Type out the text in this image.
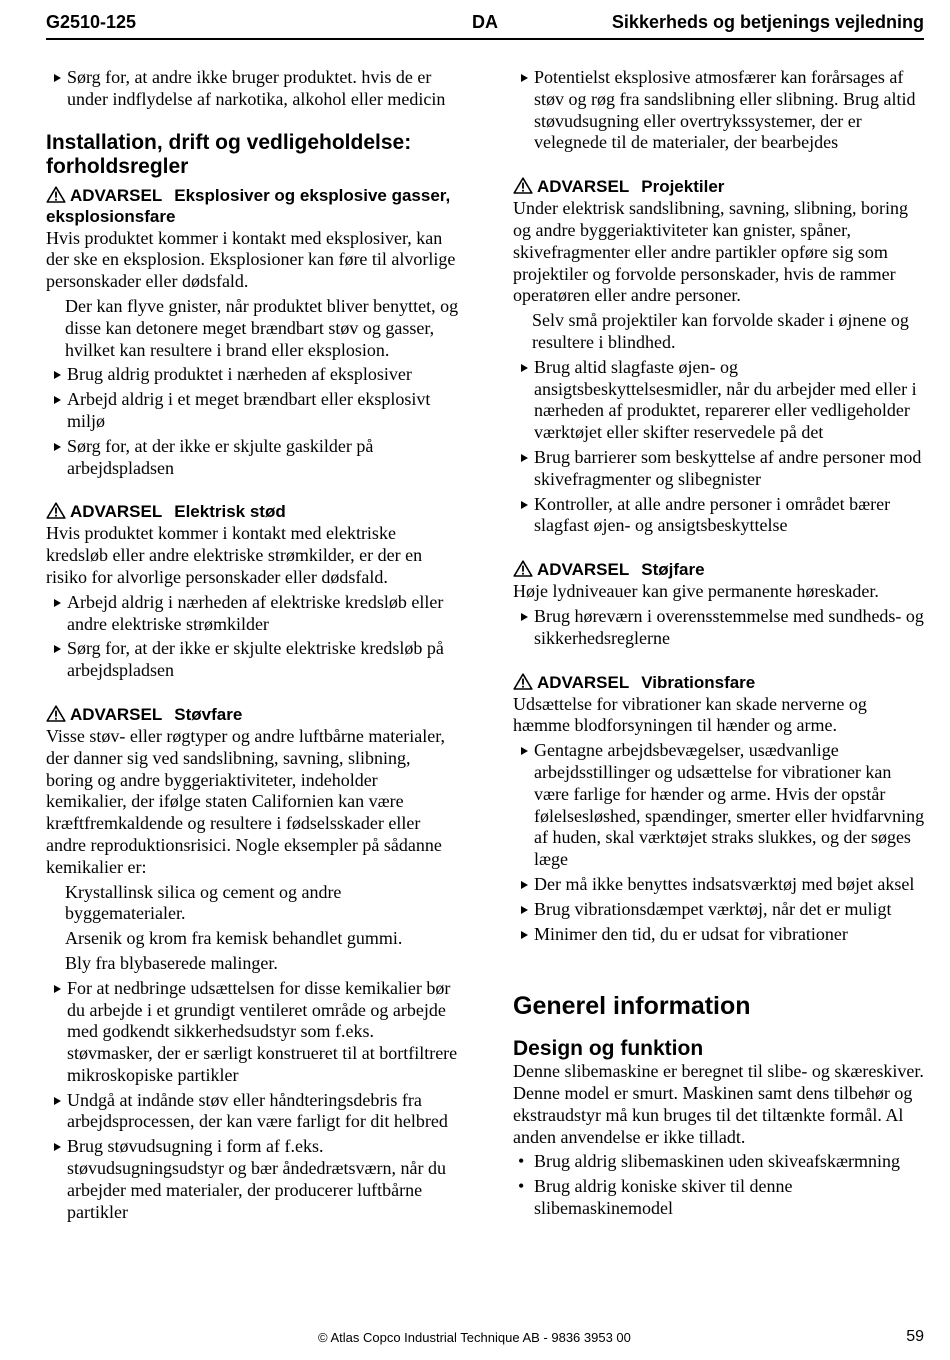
G2510-125	DA	Sikkerheds og betjenings vejledning
Sørg for, at andre ikke bruger produktet. hvis de er under indflydelse af narkotika, alkohol eller medicin
Installation, drift og vedligeholdelse: forholdsregler
ADVARSEL Eksplosiver og eksplosive gasser, eksplosionsfare

Hvis produktet kommer i kontakt med eksplosiver, kan der ske en eksplosion. Eksplosioner kan føre til alvorlige personskader eller dødsfald.

Der kan flyve gnister, når produktet bliver benyttet, og disse kan detonere meget brændbart støv og gasser, hvilket kan resultere i brand eller eksplosion.

Brug aldrig produktet i nærheden af eksplosiver
Arbejd aldrig i et meget brændbart eller eksplosivt miljø
Sørg for, at der ikke er skjulte gaskilder på arbejdspladsen
ADVARSEL Elektrisk stød

Hvis produktet kommer i kontakt med elektriske kredsløb eller andre elektriske strømkilder, er der en risiko for alvorlige personskader eller dødsfald.

Arbejd aldrig i nærheden af elektriske kredsløb eller andre elektriske strømkilder
Sørg for, at der ikke er skjulte elektriske kredsløb på arbejdspladsen
ADVARSEL Støvfare

Visse støv- eller røgtyper og andre luftbårne materialer, der danner sig ved sandslibning, savning, slibning, boring og andre byggeriaktiviteter, indeholder kemikalier, der ifølge staten Californien kan være kræftfremkaldende og resultere i fødselsskader eller andre reproduktionsrisici. Nogle eksempler på sådanne kemikalier er:

Krystallinsk silica og cement og andre byggematerialer.

Arsenik og krom fra kemisk behandlet gummi.

Bly fra blybaserede malinger.

For at nedbringe udsættelsen for disse kemikalier bør du arbejde i et grundigt ventileret område og arbejde med godkendt sikkerhedsudstyr som f.eks. støvmasker, der er særligt konstrueret til at bortfiltrere mikroskopiske partikler
Undgå at indånde støv eller håndteringsdebris fra arbejdsprocessen, der kan være farligt for dit helbred
Brug støvudsugning i form af f.eks. støvudsugningsudstyr og bær åndedrætsværn, når du arbejder med materialer, der producerer luftbårne partikler
Potentielst eksplosive atmosfærer kan forårsages af støv og røg fra sandslibning eller slibning. Brug altid støvudsugning eller overtrykssystemer, der er velegnede til de materialer, der bearbejdes
ADVARSEL Projektiler

Under elektrisk sandslibning, savning, slibning, boring og andre byggeriaktiviteter kan gnister, spåner, skivefragmenter eller andre partikler opføre sig som projektiler og forvolde personskader, hvis de rammer operatøren eller andre personer.

Selv små projektiler kan forvolde skader i øjnene og resultere i blindhed.

Brug altid slagfaste øjen- og ansigtsbeskyttelsesmidler, når du arbejder med eller i nærheden af produktet, reparerer eller vedligeholder værktøjet eller skifter reservedele på det
Brug barrierer som beskyttelse af andre personer mod skivefragmenter og slibegnister
Kontroller, at alle andre personer i området bærer slagfast øjen- og ansigtsbeskyttelse
ADVARSEL Støjfare

Høje lydniveauer kan give permanente høreskader.

Brug høreværn i overensstemmelse med sundheds- og sikkerhedsreglerne
ADVARSEL Vibrationsfare

Udsættelse for vibrationer kan skade nerverne og hæmme blodforsyningen til hænder og arme.

Gentagne arbejdsbevægelser, usædvanlige arbejdsstillinger og udsættelse for vibrationer kan være farlige for hænder og arme. Hvis der opstår følelsesløshed, spændinger, smerter eller hvidfarvning af huden, skal værktøjet straks slukkes, og der søges læge
Der må ikke benyttes indsatsværktøj med bøjet aksel
Brug vibrationsdæmpet værktøj, når det er muligt
Minimer den tid, du er udsat for vibrationer
Generel information
Design og funktion

Denne slibemaskine er beregnet til slibe- og skæreskiver. Denne model er smurt. Maskinen samt dens tilbehør og ekstraudstyr må kun bruges til det tiltænkte formål. Al anden anvendelse er ikke tilladt.

• Brug aldrig slibemaskinen uden skiveafskærmning
• Brug aldrig koniske skiver til denne slibemaskinemodel
© Atlas Copco Industrial Technique AB - 9836 3953 00	59
